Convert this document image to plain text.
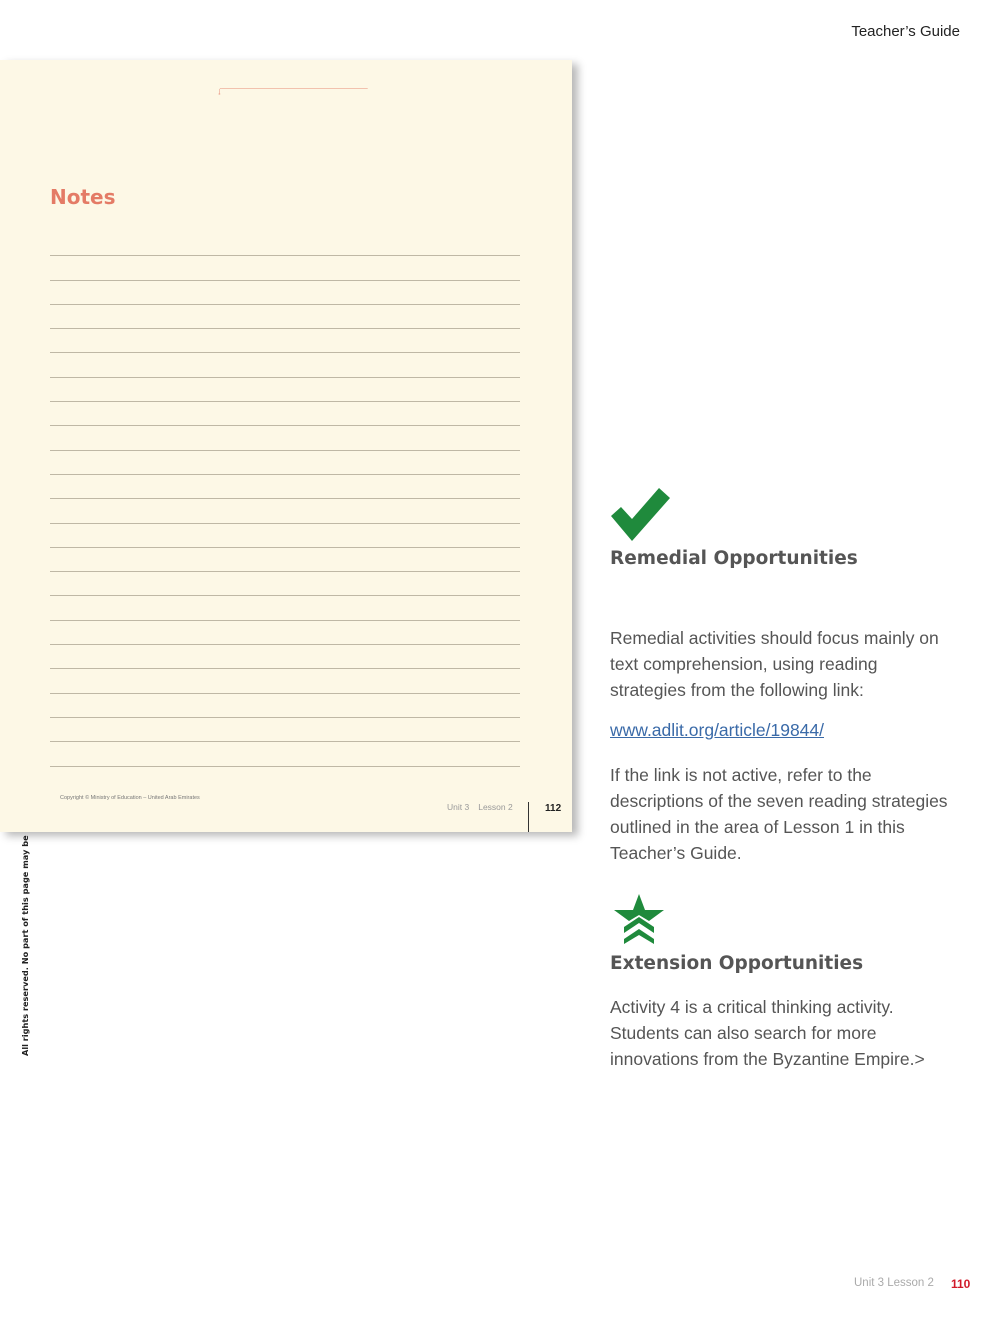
Teacher’s Guide
Notes
Copyright © Ministry of Education – United Arab Emirates
Unit 3 Lesson 2	112
Remedial Opportunities
Remedial activities should focus mainly on text comprehension, using reading strategies from the following link:
www.adlit.org/article/19844/
If the link is not active, refer to the descriptions of the seven reading strategies outlined in the area of Lesson 1 in this Teacher’s Guide.
Extension Opportunities
Activity 4 is a critical thinking activity. Students can also search for more innovations from the Byzantine Empire.>
Unit 3 Lesson 2 110
